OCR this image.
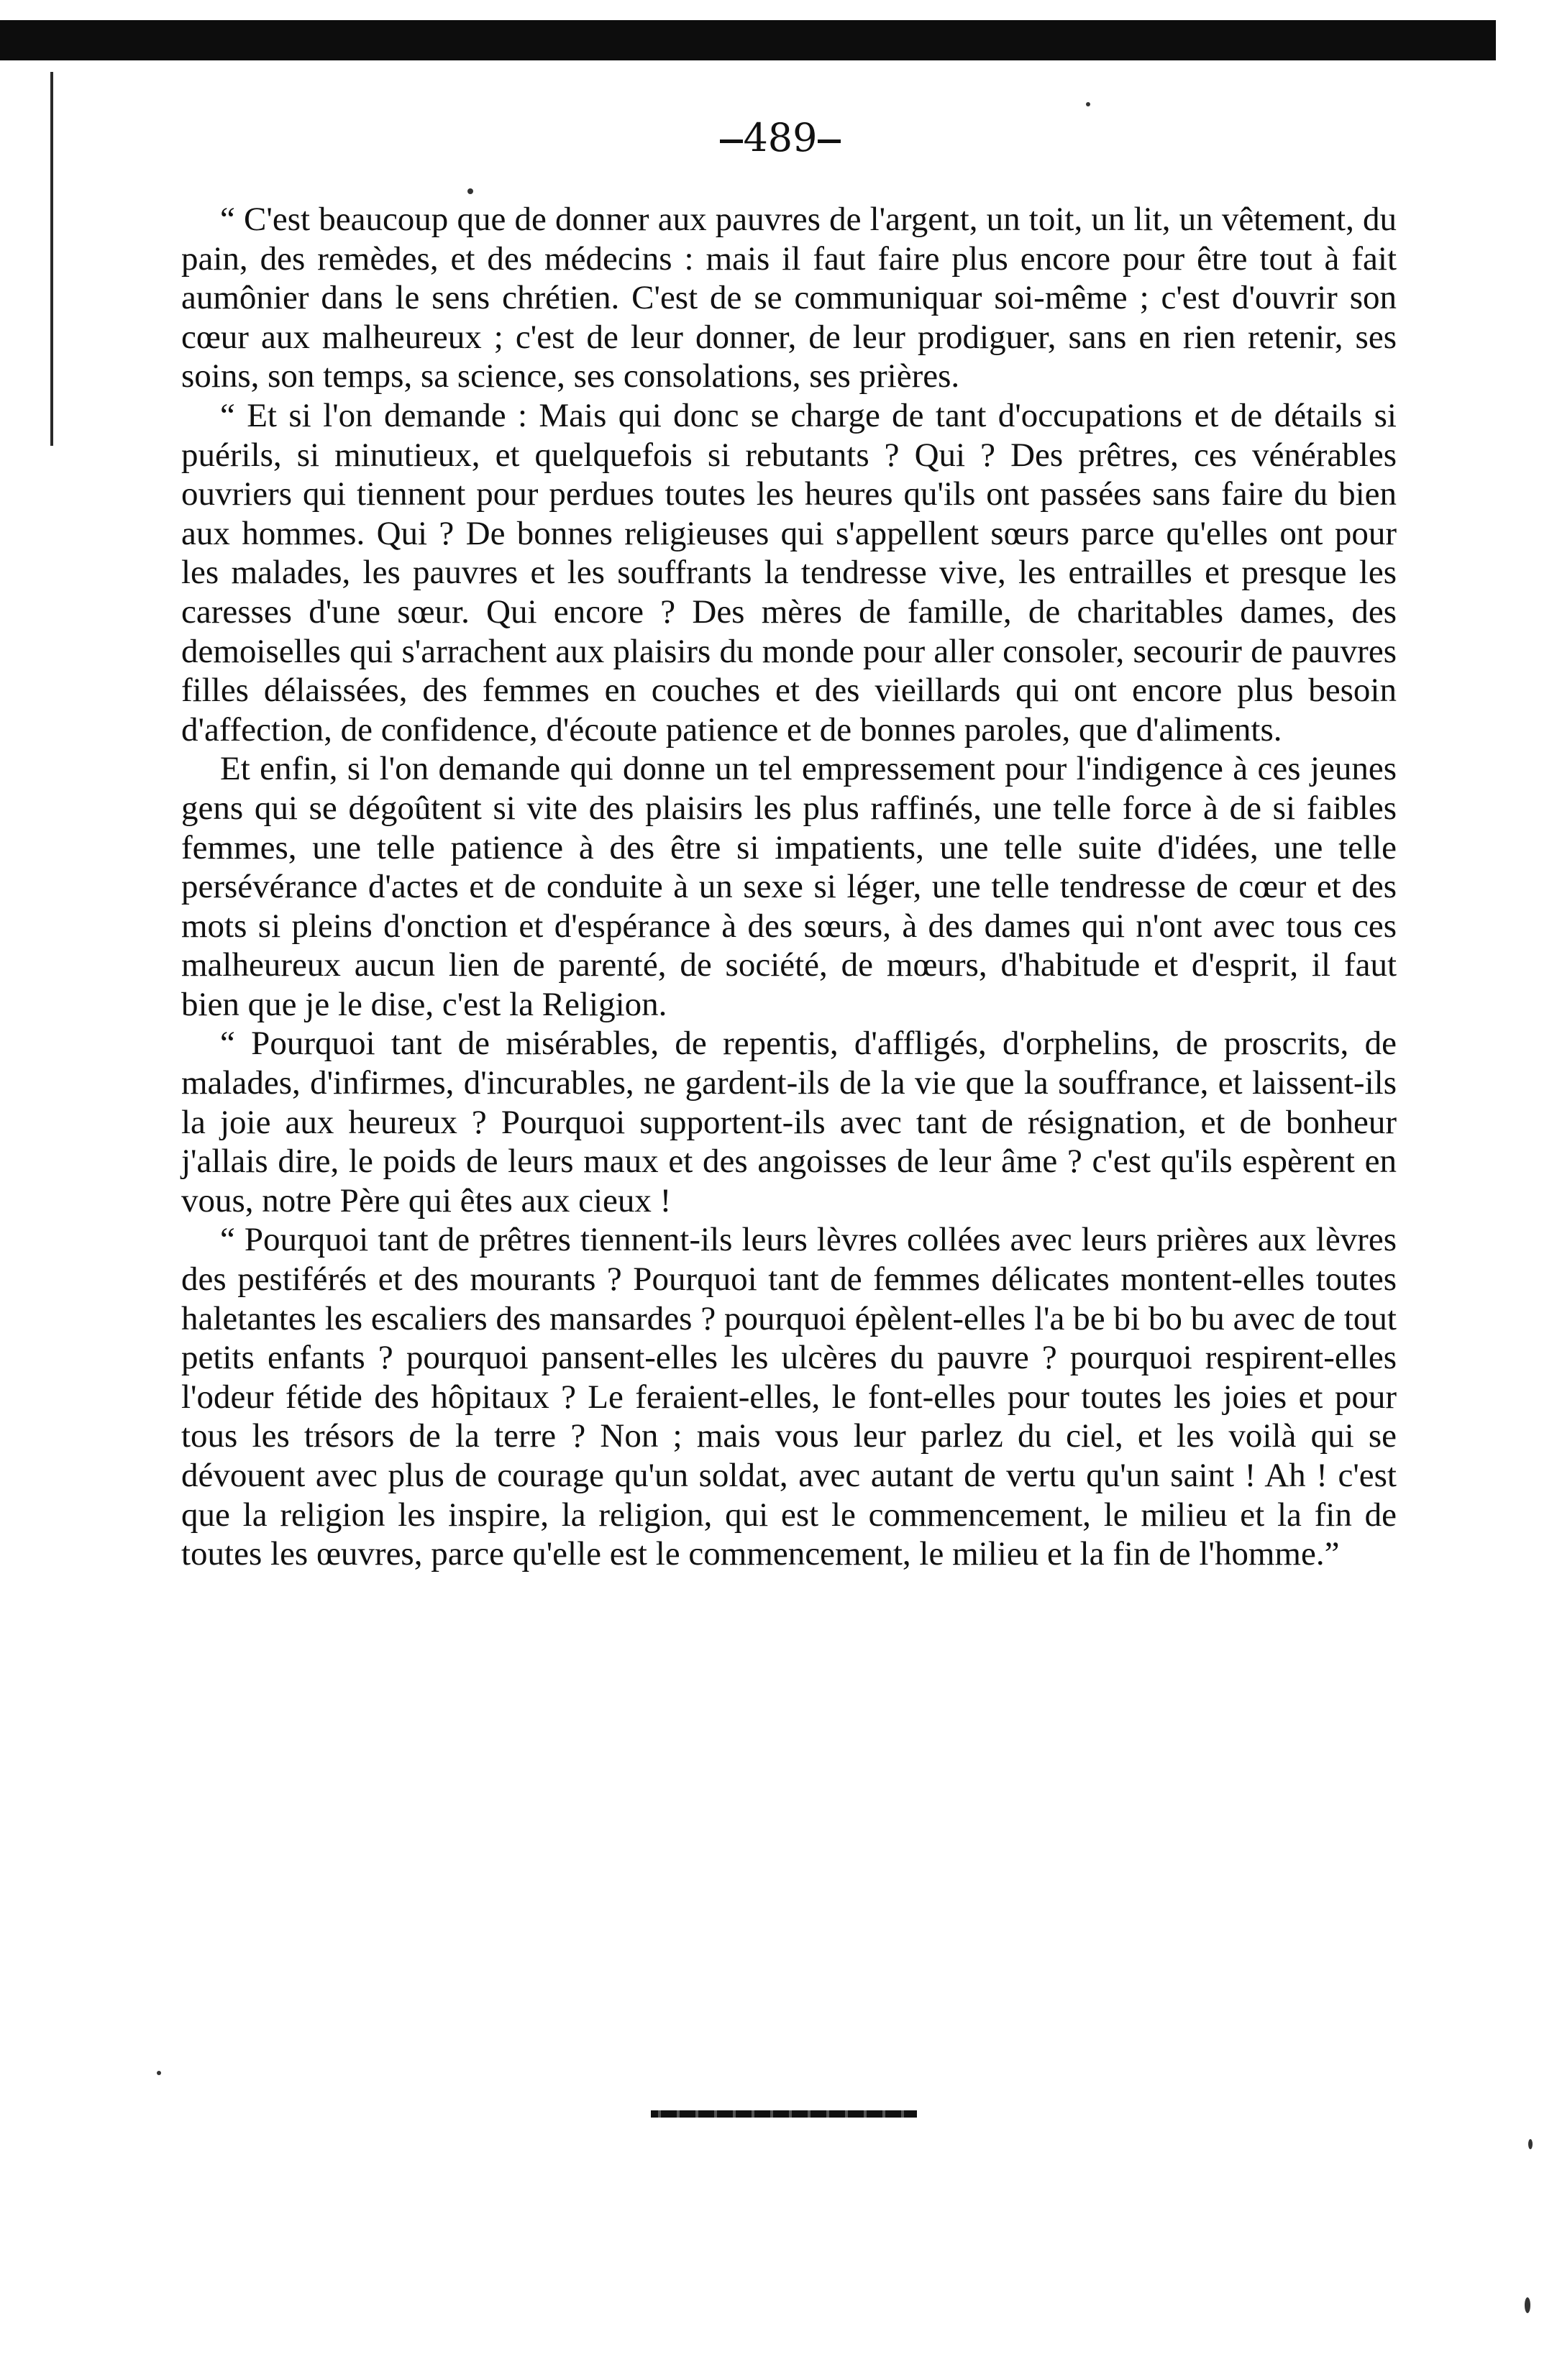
489

“ C'est beaucoup que de donner aux pauvres de l'argent, un toit, un lit, un vêtement, du pain, des remèdes, et des médecins : mais il faut faire plus encore pour être tout à fait aumônier dans le sens chrétien. C'est de se communiquar soi-même ; c'est d'ouvrir son cœur aux malheureux ; c'est de leur donner, de leur prodiguer, sans en rien retenir, ses soins, son temps, sa science, ses consolations, ses prières.

“ Et si l'on demande : Mais qui donc se charge de tant d'occupations et de détails si puérils, si minutieux, et quelquefois si rebutants ? Qui ? Des prêtres, ces vénérables ouvriers qui tiennent pour perdues toutes les heures qu'ils ont passées sans faire du bien aux hommes. Qui ? De bonnes religieuses qui s'appellent sœurs parce qu'elles ont pour les malades, les pauvres et les souffrants la tendresse vive, les entrailles et presque les caresses d'une sœur. Qui encore ? Des mères de famille, de charitables dames, des demoiselles qui s'arrachent aux plaisirs du monde pour aller consoler, secourir de pauvres filles délaissées, des femmes en couches et des vieillards qui ont encore plus besoin d'affection, de confidence, d'écoute patience et de bonnes paroles, que d'aliments.

Et enfin, si l'on demande qui donne un tel empressement pour l'indigence à ces jeunes gens qui se dégoûtent si vite des plaisirs les plus raffinés, une telle force à de si faibles femmes, une telle patience à des être si impatients, une telle suite d'idées, une telle persévérance d'actes et de conduite à un sexe si léger, une telle tendresse de cœur et des mots si pleins d'onction et d'espérance à des sœurs, à des dames qui n'ont avec tous ces malheureux aucun lien de parenté, de société, de mœurs, d'habitude et d'esprit, il faut bien que je le dise, c'est la Religion.

“ Pourquoi tant de misérables, de repentis, d'affligés, d'orphelins, de proscrits, de malades, d'infirmes, d'incurables, ne gardent-ils de la vie que la souffrance, et laissent-ils la joie aux heureux ? Pourquoi supportent-ils avec tant de résignation, et de bonheur j'allais dire, le poids de leurs maux et des angoisses de leur âme ? c'est qu'ils espèrent en vous, notre Père qui êtes aux cieux !

“ Pourquoi tant de prêtres tiennent-ils leurs lèvres collées avec leurs prières aux lèvres des pestiférés et des mourants ? Pourquoi tant de femmes délicates montent-elles toutes haletantes les escaliers des mansardes ? pourquoi épèlent-elles l'a be bi bo bu avec de tout petits enfants ? pourquoi pansent-elles les ulcères du pauvre ? pourquoi respirent-elles l'odeur fétide des hôpitaux ? Le feraient-elles, le font-elles pour toutes les joies et pour tous les trésors de la terre ? Non ; mais vous leur parlez du ciel, et les voilà qui se dévouent avec plus de courage qu'un soldat, avec autant de vertu qu'un saint ! Ah ! c'est que la religion les inspire, la religion, qui est le commencement, le milieu et la fin de toutes les œuvres, parce qu'elle est le commencement, le milieu et la fin de l'homme.”
